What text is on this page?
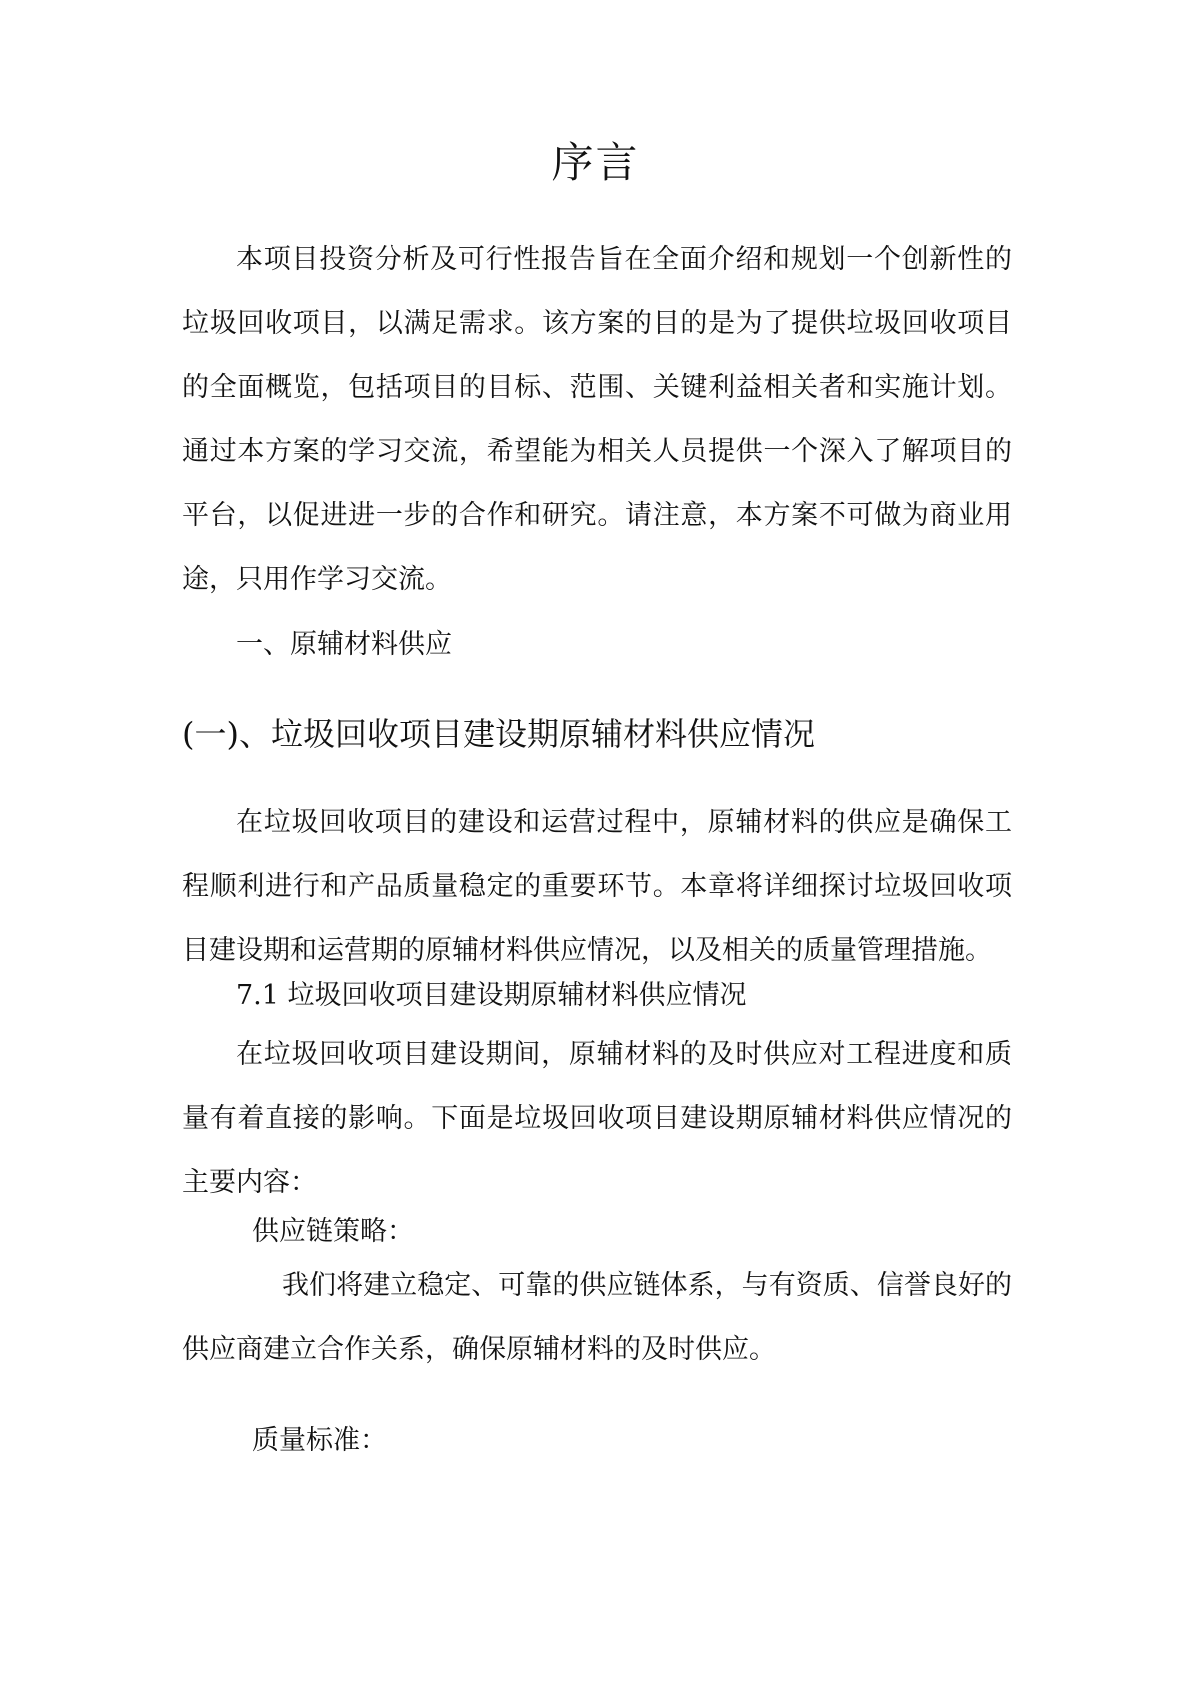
序言

本项目投资分析及可行性报告旨在全面介绍和规划一个创新性的垃圾回收项目，以满足需求。该方案的目的是为了提供垃圾回收项目的全面概览，包括项目的目标、范围、关键利益相关者和实施计划。通过本方案的学习交流，希望能为相关人员提供一个深入了解项目的平台，以促进进一步的合作和研究。请注意，本方案不可做为商业用途，只用作学习交流。

一、原辅材料供应
(一)、垃圾回收项目建设期原辅材料供应情况

在垃圾回收项目的建设和运营过程中，原辅材料的供应是确保工程顺利进行和产品质量稳定的重要环节。本章将详细探讨垃圾回收项目建设期和运营期的原辅材料供应情况，以及相关的质量管理措施。

7.1 垃圾回收项目建设期原辅材料供应情况

在垃圾回收项目建设期间，原辅材料的及时供应对工程进度和质量有着直接的影响。下面是垃圾回收项目建设期原辅材料供应情况的主要内容：

供应链策略：

我们将建立稳定、可靠的供应链体系，与有资质、信誉良好的供应商建立合作关系，确保原辅材料的及时供应。

质量标准：
